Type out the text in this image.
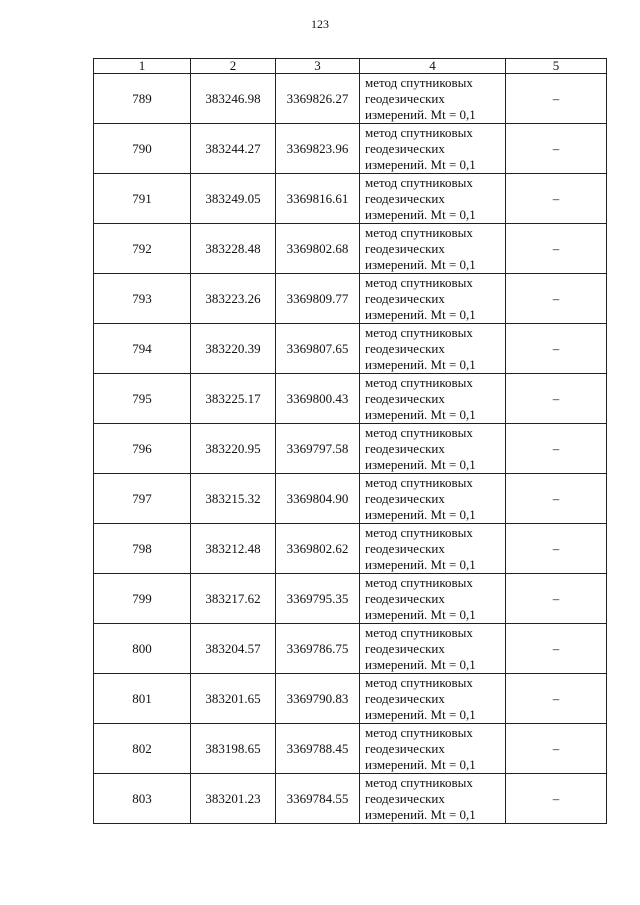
123
1	2	3	4	5
789	383246.98	3369826.27	метод спутниковых
геодезических
измерений. Mt = 0,1	–
790	383244.27	3369823.96	метод спутниковых
геодезических
измерений. Mt = 0,1	–
791	383249.05	3369816.61	метод спутниковых
геодезических
измерений. Mt = 0,1	–
792	383228.48	3369802.68	метод спутниковых
геодезических
измерений. Mt = 0,1	–
793	383223.26	3369809.77	метод спутниковых
геодезических
измерений. Mt = 0,1	–
794	383220.39	3369807.65	метод спутниковых
геодезических
измерений. Mt = 0,1	–
795	383225.17	3369800.43	метод спутниковых
геодезических
измерений. Mt = 0,1	–
796	383220.95	3369797.58	метод спутниковых
геодезических
измерений. Mt = 0,1	–
797	383215.32	3369804.90	метод спутниковых
геодезических
измерений. Mt = 0,1	–
798	383212.48	3369802.62	метод спутниковых
геодезических
измерений. Mt = 0,1	–
799	383217.62	3369795.35	метод спутниковых
геодезических
измерений. Mt = 0,1	–
800	383204.57	3369786.75	метод спутниковых
геодезических
измерений. Mt = 0,1	–
801	383201.65	3369790.83	метод спутниковых
геодезических
измерений. Mt = 0,1	–
802	383198.65	3369788.45	метод спутниковых
геодезических
измерений. Mt = 0,1	–
803	383201.23	3369784.55	метод спутниковых
геодезических
измерений. Mt = 0,1	–
